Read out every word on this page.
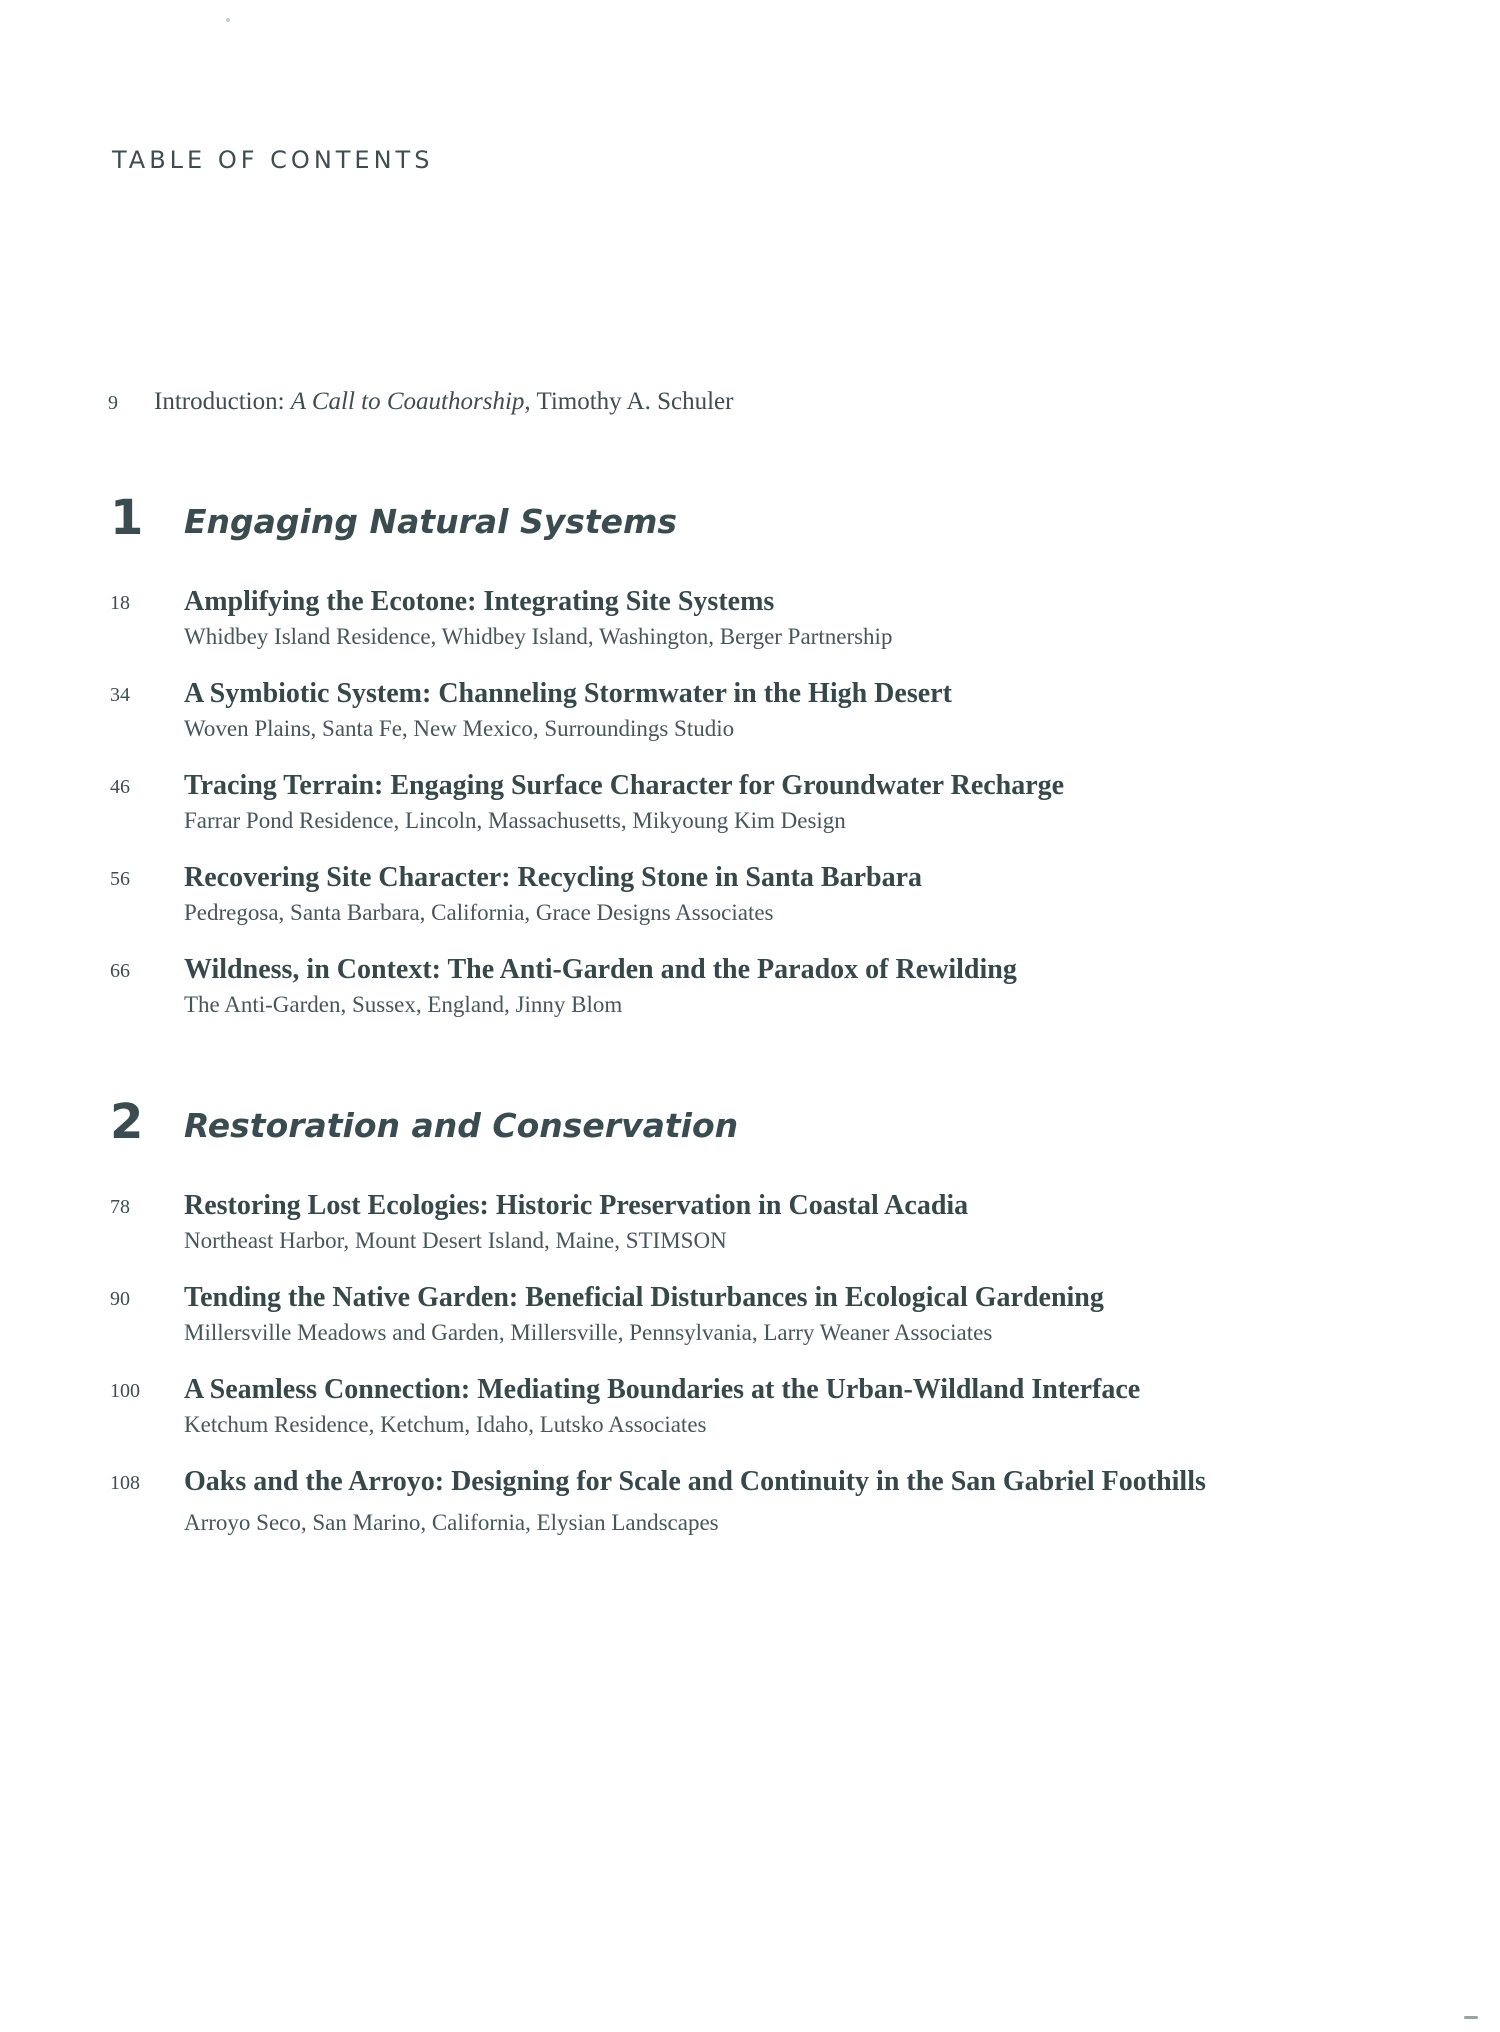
TABLE OF CONTENTS
9 Introduction: A Call to Coauthorship, Timothy A. Schuler
1 Engaging Natural Systems
18 Amplifying the Ecotone: Integrating Site Systems
Whidbey Island Residence, Whidbey Island, Washington, Berger Partnership
34 A Symbiotic System: Channeling Stormwater in the High Desert
Woven Plains, Santa Fe, New Mexico, Surroundings Studio
46 Tracing Terrain: Engaging Surface Character for Groundwater Recharge
Farrar Pond Residence, Lincoln, Massachusetts, Mikyoung Kim Design
56 Recovering Site Character: Recycling Stone in Santa Barbara
Pedregosa, Santa Barbara, California, Grace Designs Associates
66 Wildness, in Context: The Anti-Garden and the Paradox of Rewilding
The Anti-Garden, Sussex, England, Jinny Blom
2 Restoration and Conservation
78 Restoring Lost Ecologies: Historic Preservation in Coastal Acadia
Northeast Harbor, Mount Desert Island, Maine, STIMSON
90 Tending the Native Garden: Beneficial Disturbances in Ecological Gardening
Millersville Meadows and Garden, Millersville, Pennsylvania, Larry Weaner Associates
100 A Seamless Connection: Mediating Boundaries at the Urban-Wildland Interface
Ketchum Residence, Ketchum, Idaho, Lutsko Associates
108 Oaks and the Arroyo: Designing for Scale and Continuity in the San Gabriel Foothills Arroyo Seco, San Marino, California, Elysian Landscapes
